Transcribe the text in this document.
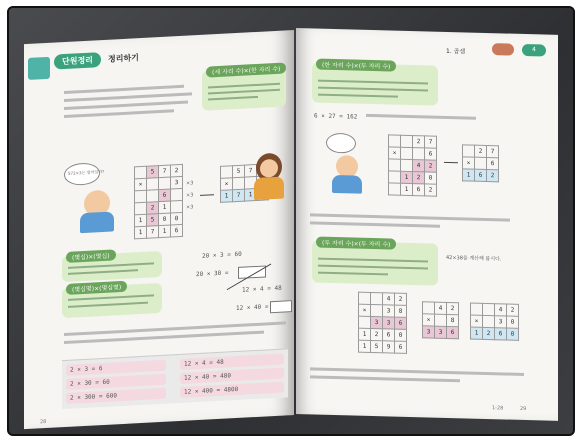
단원정리	정리하기
(세 자리 수)×(한 자리 수)
572×3은 얼마일까?
		5	7	2
×			3
		6	
	2	1	
1	5	0	0
1	7	1	6
×3
×3
×3
	5	7	
×			
1	7	1	
(몇십)×(몇십)
(몇십몇)×(몇십몇)
20 × 3 = 60
20 × 30 =
12 × 4 = 48
12 × 40 =
2 × 3 = 6
2 × 30 = 60
2 × 300 = 600
12 × 4 = 48
12 × 40 = 480
12 × 400 = 4800
28
1. 곱셈	4
(한 자리 수)×(두 자리 수)
6 × 27 = 162
		2	7
×			6
		4	2
	1	2	0
	1	6	2
	2	7
×		6
1	6	2
(두 자리 수)×(두 자리 수)
42×38을 계산해 봅시다.
		4	2
×		3	8
	3	3	6
1	2	6	0
1	5	9	6
	4	2
×		8
3	3	6
		4	2
×		3	0
1	2	6	0
1-28	29
